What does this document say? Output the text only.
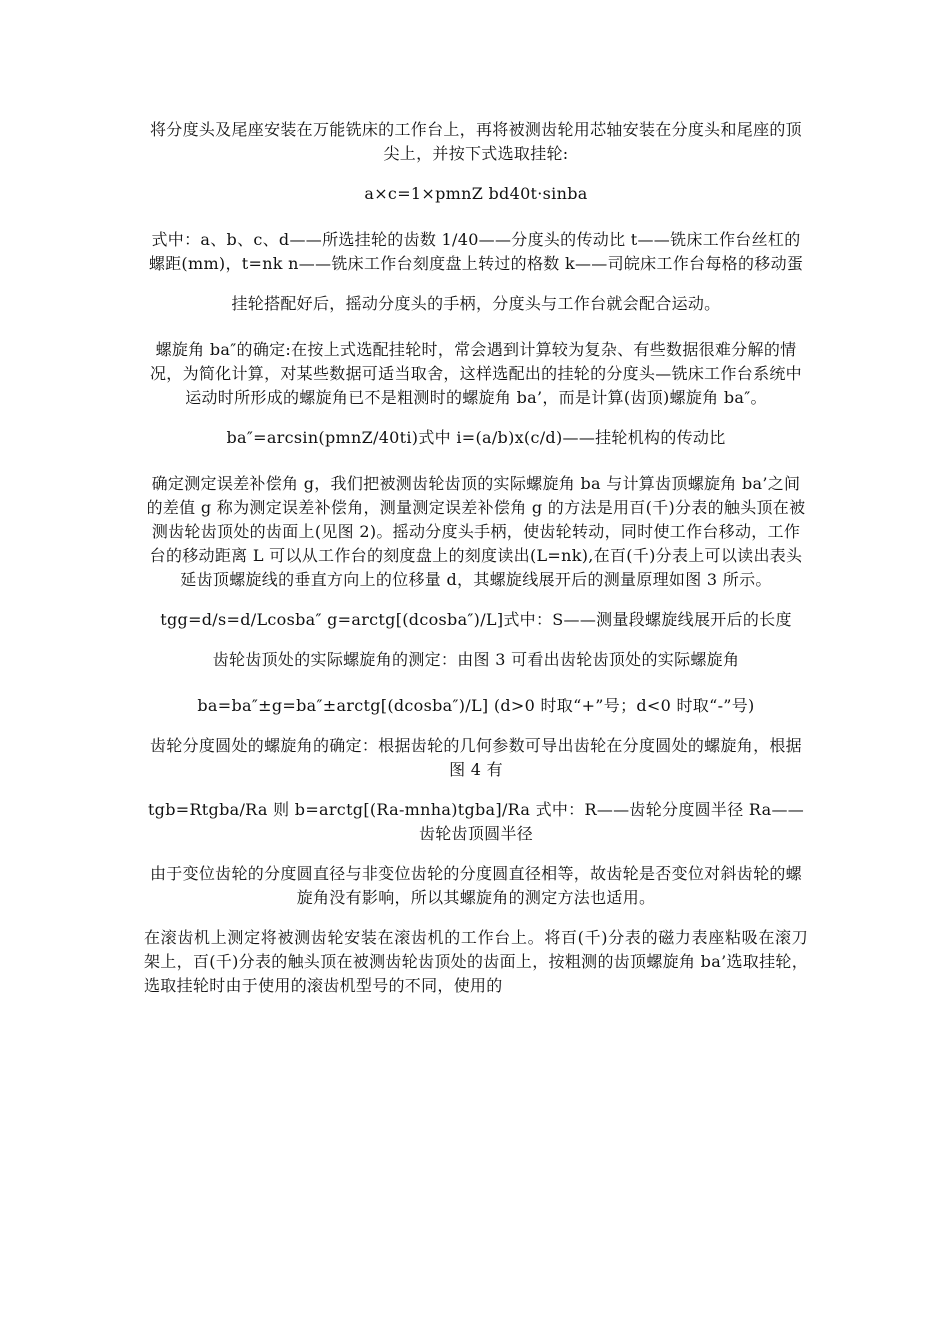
将分度头及尾座安装在万能铣床的工作台上，再将被测齿轮用芯轴安装在分度头和尾座的顶尖上，并按下式选取挂轮:

a×c=1×pmnZ bd40t·sinba

式中：a、b、c、d——所选挂轮的齿数 1/40——分度头的传动比 t——铣床工作台丝杠的螺距(mm)，t=nk n——铣床工作台刻度盘上转过的格数 k——司皖床工作台每格的移动蛋

挂轮搭配好后，摇动分度头的手柄，分度头与工作台就会配合运动。

螺旋角 ba″的确定:在按上式选配挂轮时，常会遇到计算较为复杂、有些数据很难分解的情况，为简化计算，对某些数据可适当取舍，这样选配出的挂轮的分度头—铣床工作台系统中运动时所形成的螺旋角已不是粗测时的螺旋角 ba’，而是计算(齿顶)螺旋角 ba″。

ba″=arcsin(pmnZ/40ti)式中 i=(a/b)x(c/d)——挂轮机构的传动比

确定测定误差补偿角 g，我们把被测齿轮齿顶的实际螺旋角 ba 与计算齿顶螺旋角 ba’之间的差值 g 称为测定误差补偿角，测量测定误差补偿角 g 的方法是用百(千)分表的触头顶在被测齿轮齿顶处的齿面上(见图 2)。摇动分度头手柄，使齿轮转动，同时使工作台移动，工作台的移动距离 L 可以从工作台的刻度盘上的刻度读出(L=nk),在百(千)分表上可以读出表头延齿顶螺旋线的垂直方向上的位移量 d，其螺旋线展开后的测量原理如图 3 所示。

tgg=d/s=d/Lcosba″ g=arctg[(dcosba″)/L]式中：S——测量段螺旋线展开后的长度

齿轮齿顶处的实际螺旋角的测定：由图 3 可看出齿轮齿顶处的实际螺旋角

ba=ba″±g=ba″±arctg[(dcosba″)/L] (d>0 时取“+”号；d<0 时取“-”号)

齿轮分度圆处的螺旋角的确定：根据齿轮的几何参数可导出齿轮在分度圆处的螺旋角，根据图 4 有

tgb=Rtgba/Ra 则 b=arctg[(Ra-mnha)tgba]/Ra 式中：R——齿轮分度圆半径 Ra——齿轮齿顶圆半径

由于变位齿轮的分度圆直径与非变位齿轮的分度圆直径相等，故齿轮是否变位对斜齿轮的螺旋角没有影响，所以其螺旋角的测定方法也适用。

在滚齿机上测定将被测齿轮安装在滚齿机的工作台上。将百(千)分表的磁力表座粘吸在滚刀架上，百(千)分表的触头顶在被测齿轮齿顶处的齿面上，按粗测的齿顶螺旋角 ba’选取挂轮，选取挂轮时由于使用的滚齿机型号的不同，使用的
